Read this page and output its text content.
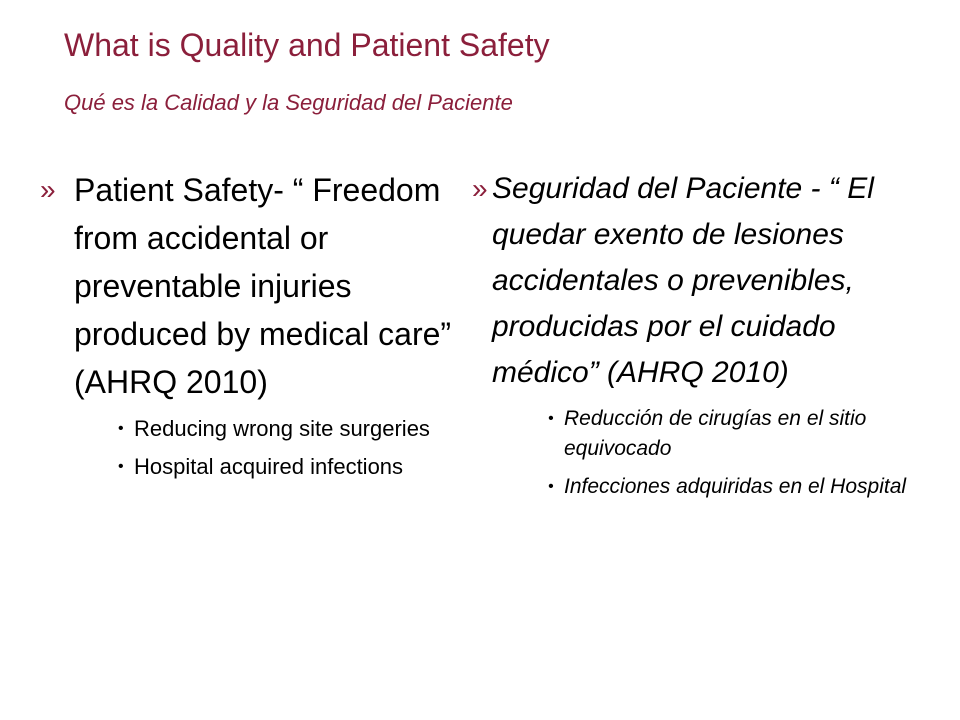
What is Quality and Patient Safety
Qué es la Calidad y la Seguridad del Paciente
» Patient Safety- “ Freedom from accidental or preventable injuries produced by medical care” (AHRQ 2010)
• Reducing wrong site surgeries
• Hospital acquired infections
» Seguridad del Paciente - “ El quedar exento de lesiones accidentales o prevenibles, producidas por el cuidado médico” (AHRQ 2010)
• Reducción de cirugías en el sitio equivocado
• Infecciones adquiridas en el Hospital
